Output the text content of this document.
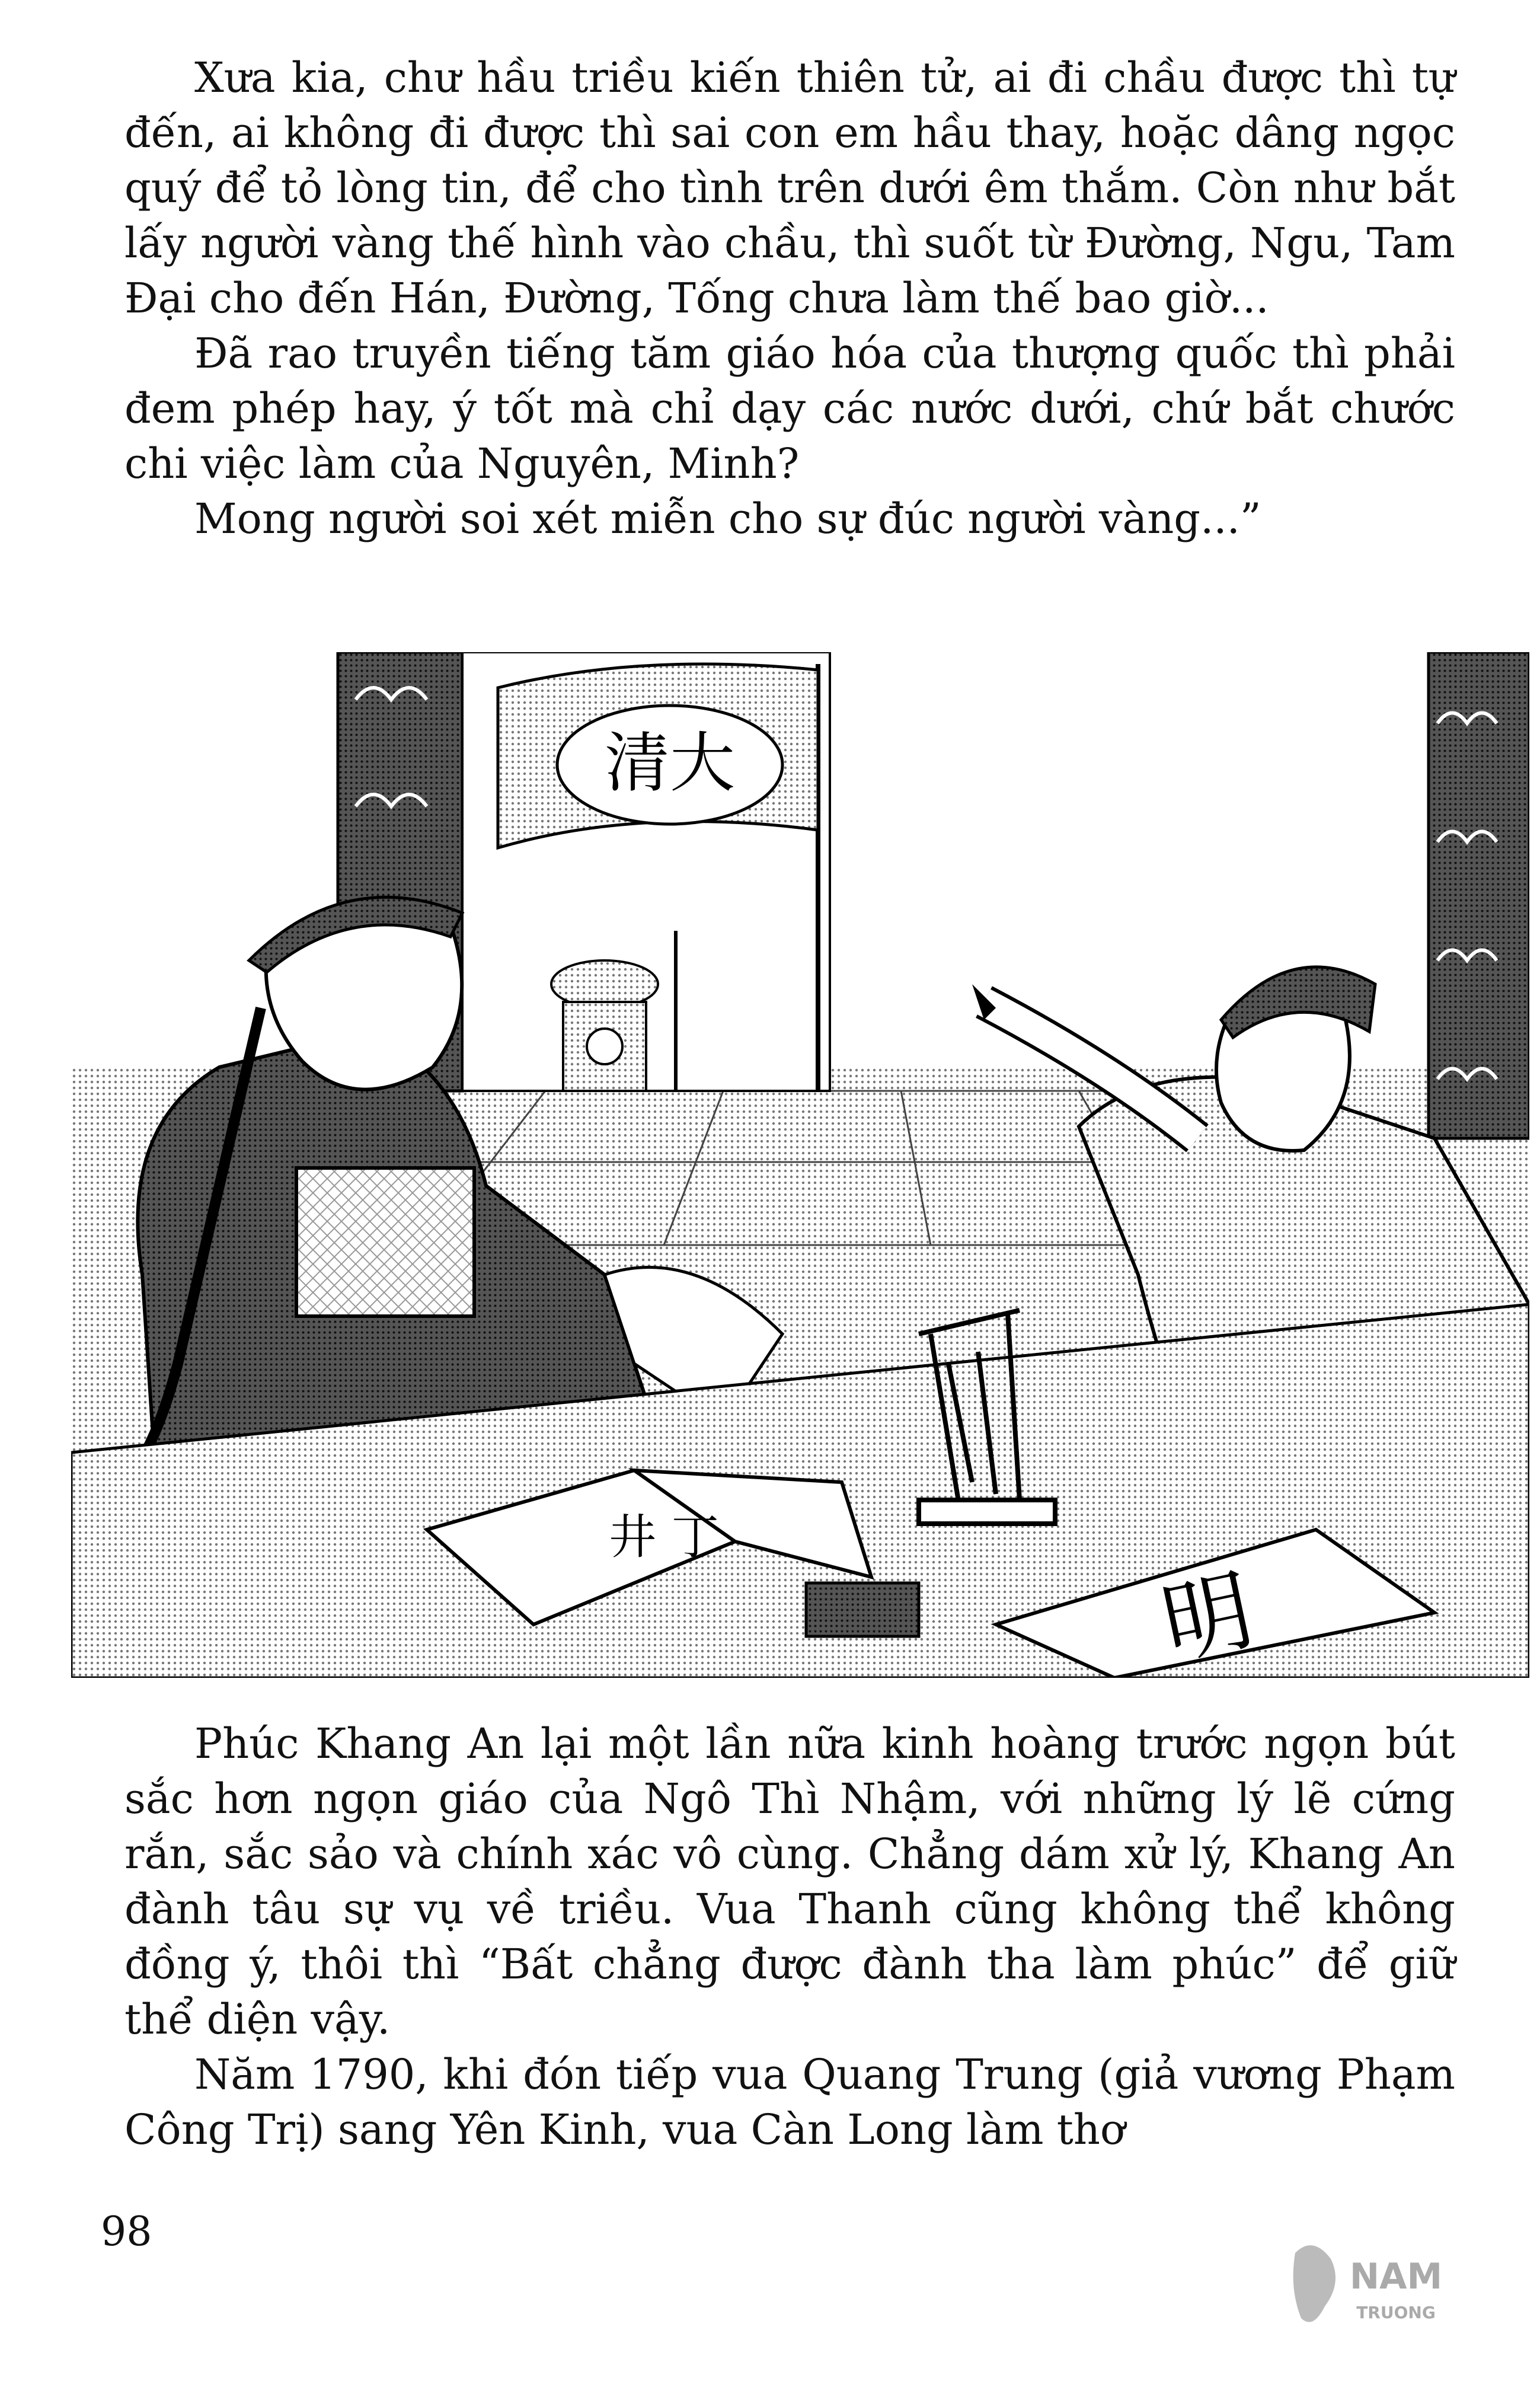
Xưa kia, chư hầu triều kiến thiên tử, ai đi chầu được thì tự đến, ai không đi được thì sai con em hầu thay, hoặc dâng ngọc quý để tỏ lòng tin, để cho tình trên dưới êm thắm. Còn như bắt lấy người vàng thế hình vào chầu, thì suốt từ Đường, Ngu, Tam Đại cho đến Hán, Đường, Tống chưa làm thế bao giờ...

Đã rao truyền tiếng tăm giáo hóa của thượng quốc thì phải đem phép hay, ý tốt mà chỉ dạy các nước dưới, chứ bắt chước chi việc làm của Nguyên, Minh?

Mong người soi xét miễn cho sự đúc người vàng...”

清大
井 丁
明

Phúc Khang An lại một lần nữa kinh hoàng trước ngọn bút sắc hơn ngọn giáo của Ngô Thì Nhậm, với những lý lẽ cứng rắn, sắc sảo và chính xác vô cùng. Chẳng dám xử lý, Khang An đành tâu sự vụ về triều. Vua Thanh cũng không thể không đồng ý, thôi thì “Bất chẳng được đành tha làm phúc” để giữ thể diện vậy.

Năm 1790, khi đón tiếp vua Quang Trung (giả vương Phạm Công Trị) sang Yên Kinh, vua Càn Long làm thơ

98
NAM
TRUONG
